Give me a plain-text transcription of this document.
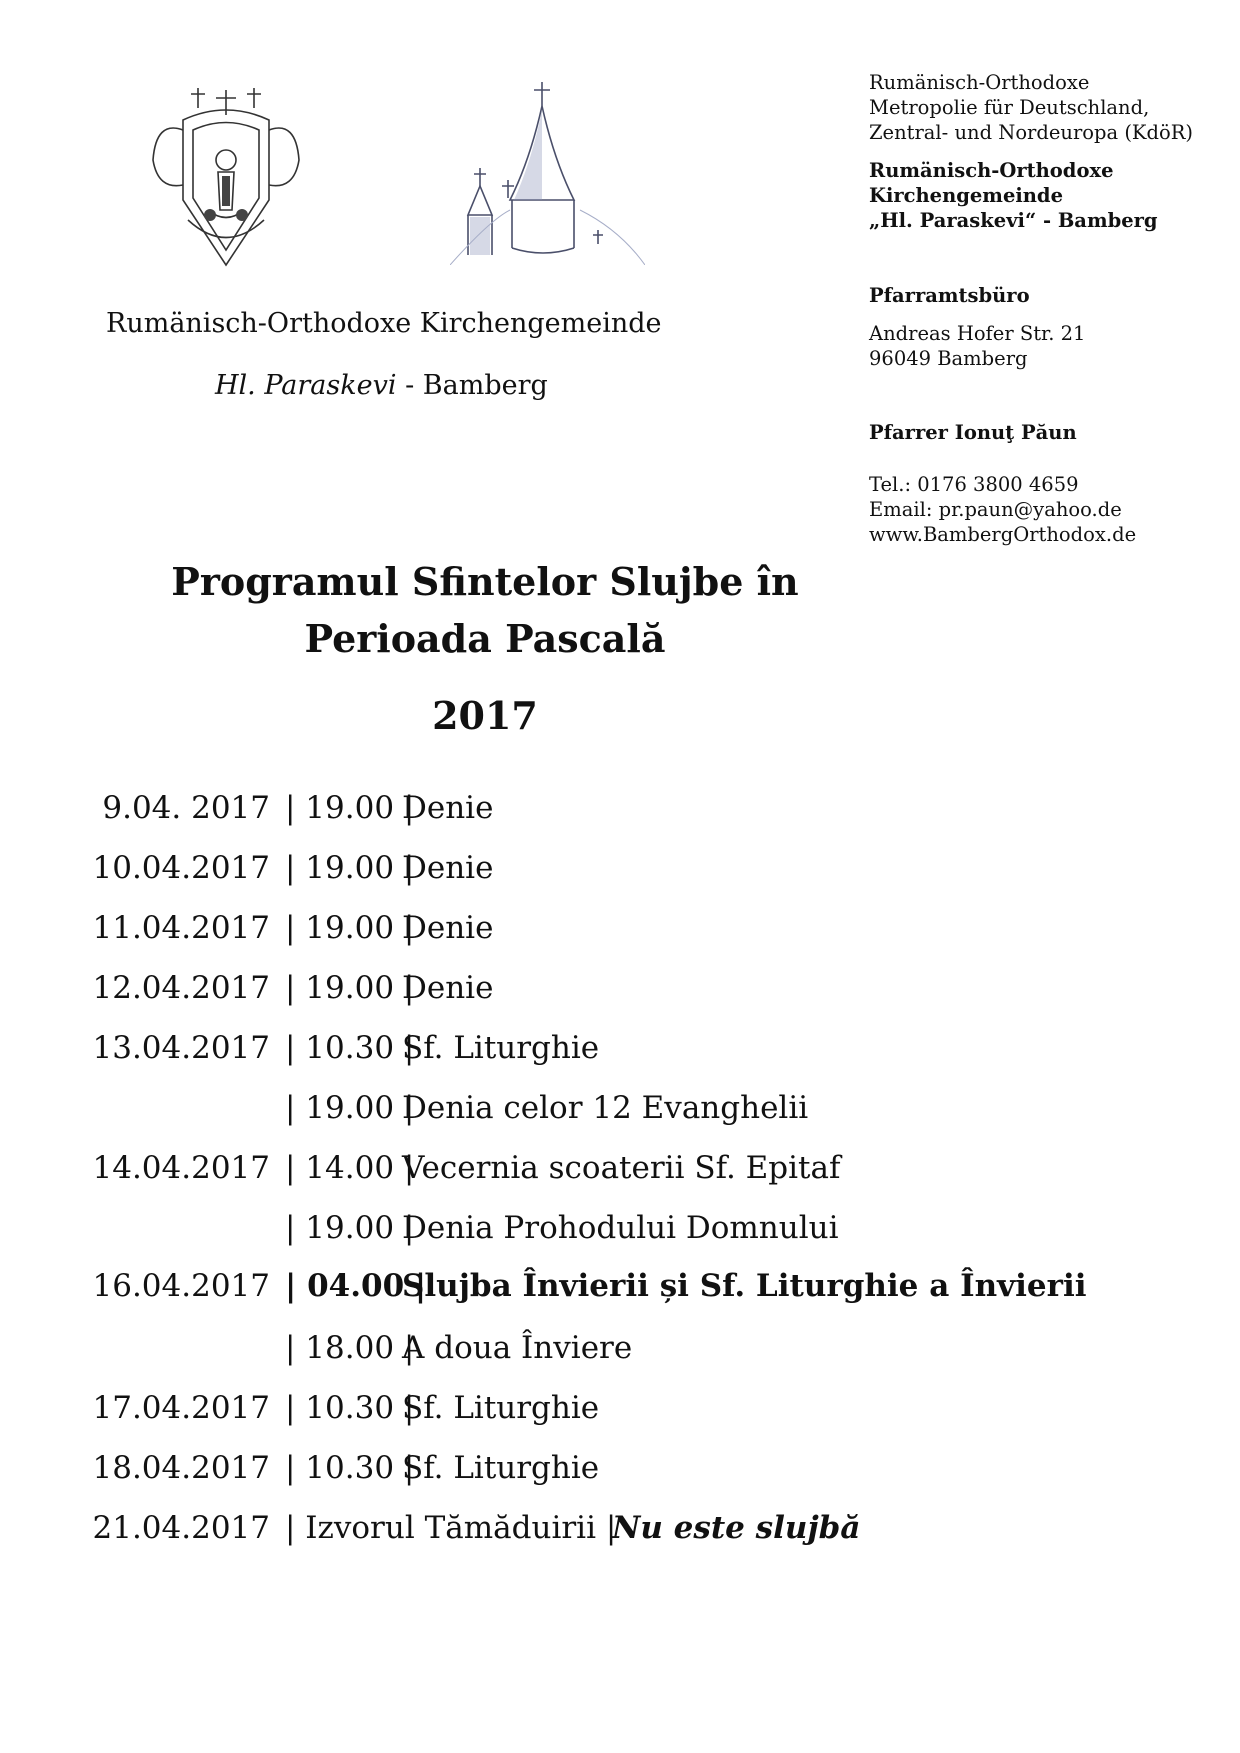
Rumänisch-Orthodoxe Kirchengemeinde
Hl. Paraskevi - Bamberg
Rumänisch-Orthodoxe
Metropolie für Deutschland,
Zentral- und Nordeuropa (KdöR)
Rumänisch-Orthodoxe
Kirchengemeinde
„Hl. Paraskevi“ - Bamberg
Pfarramtsbüro
Andreas Hofer Str. 21
96049 Bamberg
Pfarrer Ionuţ Păun
Tel.: 0176 3800 4659
Email: pr.paun@yahoo.de
www.BambergOrthodox.de
Programul Sfintelor Slujbe în
Perioada Pascală
2017
9.04. 2017 | 19.00 |
Denie
10.04.2017 | 19.00 |
Denie
11.04.2017 | 19.00 |
Denie
12.04.2017 | 19.00 |
Denie
13.04.2017 | 10.30 |
Sf. Liturghie
| 19.00 |
Denia celor 12 Evanghelii
14.04.2017 | 14.00 |
Vecernia scoaterii Sf. Epitaf
| 19.00 |
Denia Prohodului Domnului
16.04.2017 | 04.00 |
Slujba Învierii și Sf. Liturghie a Învierii
| 18.00 |
A doua Înviere
17.04.2017 | 10.30 |
Sf. Liturghie
18.04.2017 | 10.30 |
Sf. Liturghie
21.04.2017 | Izvorul Tămăduirii |
Nu este slujbă
